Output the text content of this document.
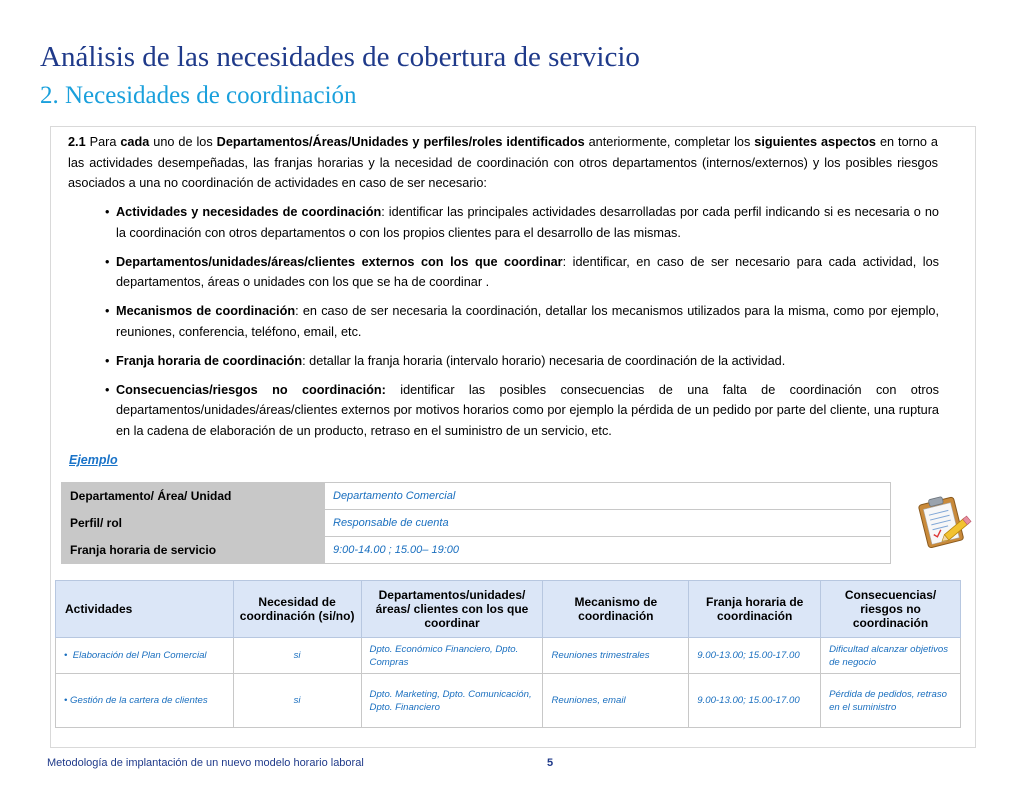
Análisis de las necesidades de cobertura de servicio
2. Necesidades de coordinación
2.1 Para cada uno de los Departamentos/Áreas/Unidades y perfiles/roles identificados anteriormente, completar los siguientes aspectos en torno a las actividades desempeñadas, las franjas horarias y la necesidad de coordinación con otros departamentos (internos/externos) y los posibles riesgos asociados a una no coordinación de actividades en caso de ser necesario:
• Actividades y necesidades de coordinación: identificar las principales actividades desarrolladas por cada perfil indicando si es necesaria o no la coordinación con otros departamentos o con los propios clientes para el desarrollo de las mismas.
• Departamentos/unidades/áreas/clientes externos con los que coordinar: identificar, en caso de ser necesario para cada actividad, los departamentos, áreas o unidades con los que se ha de coordinar .
• Mecanismos de coordinación: en caso de ser necesaria la coordinación, detallar los mecanismos utilizados para la misma, como por ejemplo, reuniones, conferencia, teléfono, email, etc.
• Franja horaria de coordinación: detallar la franja horaria (intervalo horario) necesaria de coordinación de la actividad.
• Consecuencias/riesgos no coordinación: identificar las posibles consecuencias de una falta de coordinación con otros departamentos/unidades/áreas/clientes externos por motivos horarios como por ejemplo la pérdida de un pedido por parte del cliente, una ruptura en la cadena de elaboración de un producto, retraso en el suministro de un servicio, etc.
Ejemplo
Departamento/ Área/ Unidad	Departamento Comercial
Perfil/ rol	Responsable de cuenta
Franja horaria de servicio	9:00-14.00 ; 15.00– 19:00
Actividades	Necesidad de coordinación (si/no)	Departamentos/unidades/ áreas/ clientes con los que coordinar	Mecanismo de coordinación	Franja horaria de coordinación	Consecuencias/ riesgos no coordinación
•  Elaboración del Plan Comercial	si	Dpto. Económico Financiero, Dpto. Compras	Reuniones trimestrales	9.00-13.00; 15.00-17.00	Dificultad alcanzar objetivos de negocio
• Gestión de la cartera de clientes	si	Dpto. Marketing, Dpto. Comunicación, Dpto. Financiero	Reuniones, email	9.00-13.00; 15.00-17.00	Pérdida de pedidos, retraso en el suministro
Metodología de implantación de un nuevo modelo horario laboral	5
